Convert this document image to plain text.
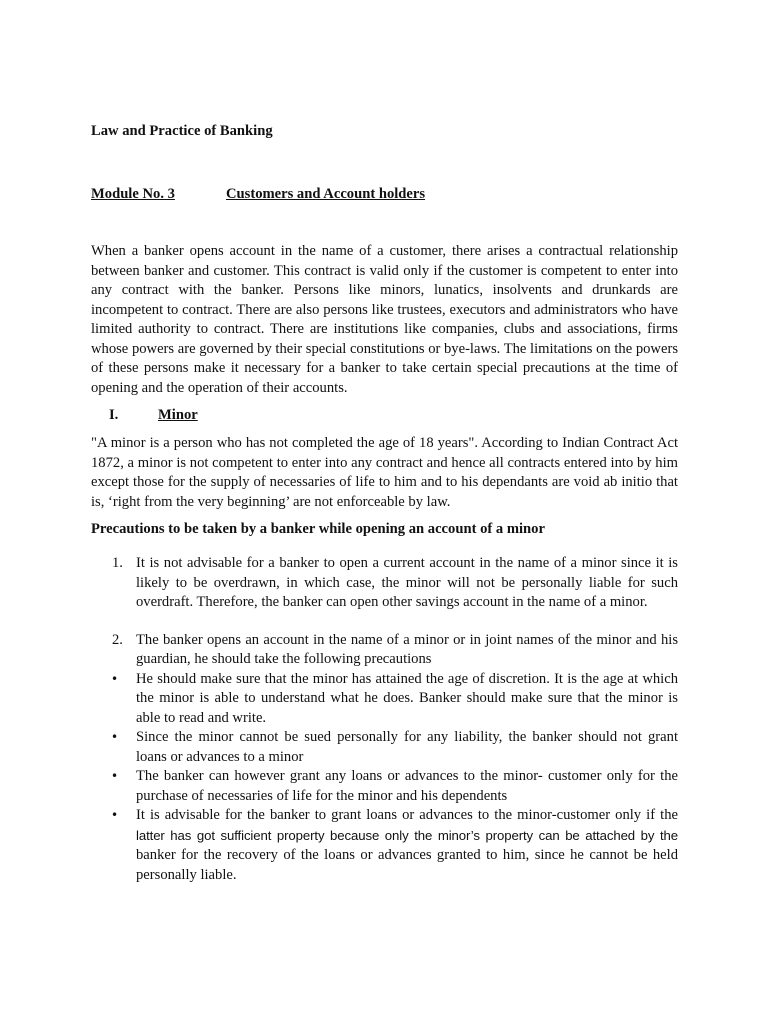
Law and Practice of Banking

Module No. 3	Customers and Account holders

When a banker opens account in the name of a customer, there arises a contractual relationship between banker and customer. This contract is valid only if the customer is competent to enter into any contract with the banker. Persons like minors, lunatics, insolvents and drunkards are incompetent to contract. There are also persons like trustees, executors and administrators who have limited authority to contract. There are institutions like companies, clubs and associations, firms whose powers are governed by their special constitutions or bye-laws. The limitations on the powers of these persons make it necessary for a banker to take certain special precautions at the time of opening and the operation of their accounts.

I.	Minor

"A minor is a person who has not completed the age of 18 years". According to Indian Contract Act 1872, a minor is not competent to enter into any contract and hence all contracts entered into by him except those for the supply of necessaries of life to him and to his dependants are void ab initio that is, ‘right from the very beginning’ are not enforceable by law.

Precautions to be taken by a banker while opening an account of a minor

1. It is not advisable for a banker to open a current account in the name of a minor since it is likely to be overdrawn, in which case, the minor will not be personally liable for such overdraft. Therefore, the banker can open other savings account in the name of a minor.

2. The banker opens an account in the name of a minor or in joint names of the minor and his guardian, he should take the following precautions

• He should make sure that the minor has attained the age of discretion. It is the age at which the minor is able to understand what he does. Banker should make sure that the minor is able to read and write.

• Since the minor cannot be sued personally for any liability, the banker should not grant loans or advances to a minor

• The banker can however grant any loans or advances to the minor- customer only for the purchase of necessaries of life for the minor and his dependents

• It is advisable for the banker to grant loans or advances to the minor-customer only if the latter has got sufficient property because only the minor’s property can be attached by the banker for the recovery of the loans or advances granted to him, since he cannot be held personally liable.
